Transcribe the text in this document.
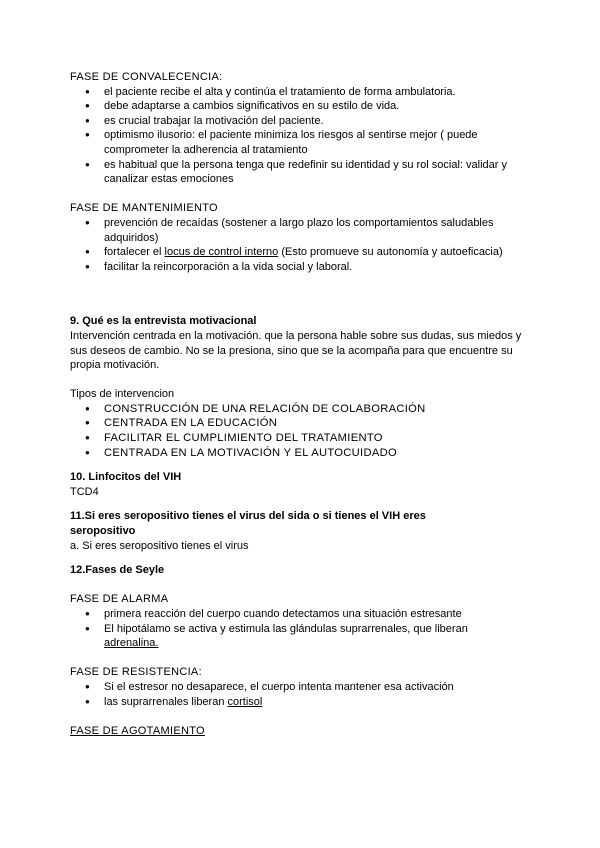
FASE DE CONVALECENCIA:

● el paciente recibe el alta y continúa el tratamiento de forma ambulatoria.
● debe adaptarse a cambios significativos en su estilo de vida.
● es crucial trabajar la motivación del paciente.
● optimismo ilusorio: el paciente minimiza los riesgos al sentirse mejor ( puede comprometer la adherencia al tratamiento
● es habitual que la persona tenga que redefinir su identidad y su rol social: validar y canalizar estas emociones

FASE DE MANTENIMIENTO

● prevención de recaídas (sostener a largo plazo los comportamientos saludables adquiridos)
● fortalecer el locus de control interno (Esto promueve su autonomía y autoeficacia)
● facilitar la reincorporación a la vida social y laboral.

9. Qué es la entrevista motivacional

Intervención centrada en la motivación. que la persona hable sobre sus dudas, sus miedos y sus deseos de cambio. No se la presiona, sino que se la acompaña para que encuentre su propia motivación.

Tipos de intervencion

● CONSTRUCCIÓN DE UNA RELACIÓN DE COLABORACIÓN
● CENTRADA EN LA EDUCACIÓN
● FACILITAR EL CUMPLIMIENTO DEL TRATAMIENTO
● CENTRADA EN LA MOTIVACIÓN Y EL AUTOCUIDADO

10. Linfocitos del VIH

TCD4

11.Si eres seropositivo tienes el virus del sida o si tienes el VIH eres

seropositivo

a. Si eres seropositivo tienes el virus

12.Fases de Seyle

FASE DE ALARMA

● primera reacción del cuerpo cuando detectamos una situación estresante
● El hipotálamo se activa y estimula las glándulas suprarrenales, que liberan adrenalina.

FASE DE RESISTENCIA:

● Si el estresor no desaparece, el cuerpo intenta mantener esa activación
● las suprarrenales liberan cortisol

FASE DE AGOTAMIENTO
